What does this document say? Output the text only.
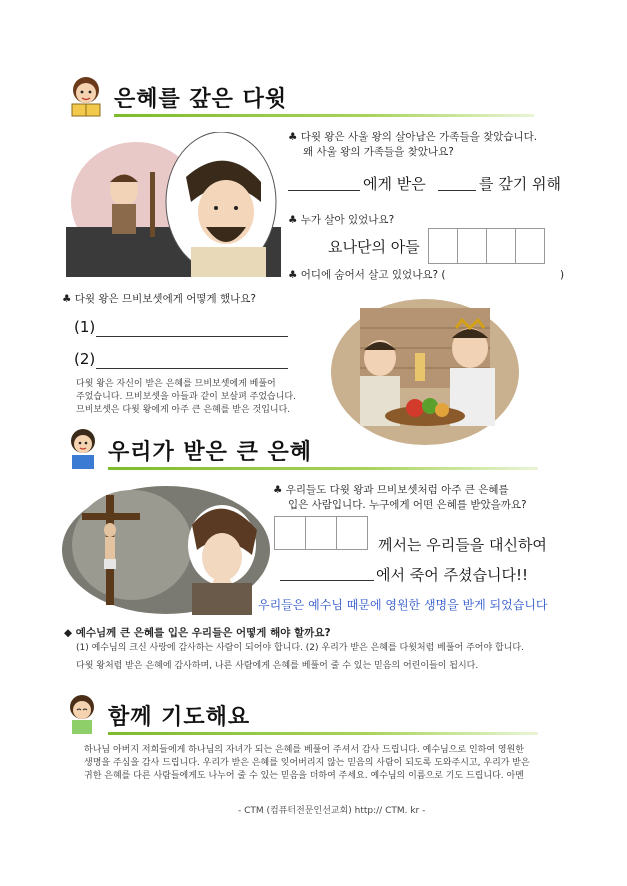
은혜를 갚은 다윗
♣ 다윗 왕은 사울 왕의 살아남은 가족들을 찾았습니다.
왜 사울 왕의 가족들을 찾았나요?
에게 받은	를 갚기 위해
♣ 누가 살아 있었나요?
요나단의 아들
♣ 어디에 숨어서 살고 있었나요? (	)
♣ 다윗 왕은 므비보셋에게 어떻게 했나요?
(1)
(2)
다윗 왕은 자신이 받은 은혜를 므비보셋에게 베풀어
주었습니다. 므비보셋을 아들과 같이 보살펴 주었습니다.
므비보셋은 다윗 왕에게 아주 큰 은혜를 받은 것입니다.
우리가 받은 큰 은혜
♣ 우리들도 다윗 왕과 므비보셋처럼 아주 큰 은혜를
입은 사람입니다. 누구에게 어떤 은혜를 받았을까요?
께서는 우리들을 대신하여
에서 죽어 주셨습니다!!
우리들은 예수님 때문에 영원한 생명을 받게 되었습니다
◆ 예수님께 큰 은혜를 입은 우리들은 어떻게 해야 할까요?
(1) 예수님의 크신 사랑에 감사하는 사람이 되어야 합니다. (2) 우리가 받은 은혜를 다윗처럼 베풀어 주어야 합니다.
다윗 왕처럼 받은 은혜에 감사하며, 나른 사람에게 은혜를 베풀어 줄 수 있는 믿음의 어린이들이 됩시다.
함께 기도해요
하나님 아버지 저희들에게 하나님의 자녀가 되는 은혜를 베풀어 주셔서 감사 드립니다. 예수님으로 인하여 영원한
생명을 주심을 감사 드립니다. 우리가 받은 은혜를 잊어버리지 않는 믿음의 사람이 되도록 도와주시고, 우리가 받은
귀한 은혜를 다른 사람들에게도 나누어 줄 수 있는 믿음을 더하여 주세요. 예수님의 이름으로 기도 드립니다. 아멘
- CTM (컴퓨터전문인선교회) http:// CTM. kr -
